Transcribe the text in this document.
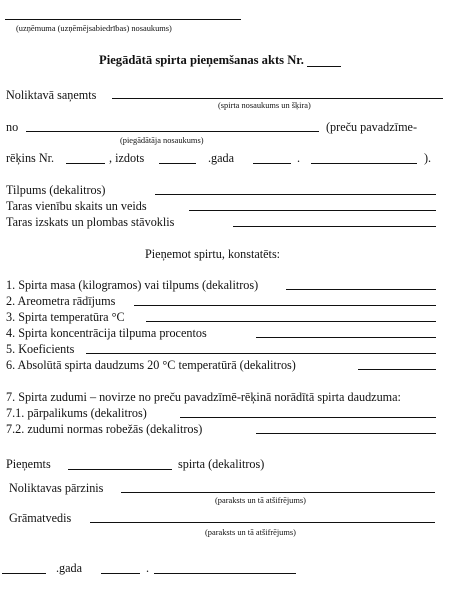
(uzņēmuma (uzņēmējsabiedrības) nosaukums)
Piegādātā spirta pieņemšanas akts Nr.
Noliktavā saņemts
(spirta nosaukums un šķira)
no	(preču pavadzīme-
(piegādātāja nosaukums)
rēķins Nr.	, izdots	.gada	.	).
Tilpums (dekalitros)
Taras vienību skaits un veids
Taras izskats un plombas stāvoklis
Pieņemot spirtu, konstatēts:
1. Spirta masa (kilogramos) vai tilpums (dekalitros)
2. Areometra rādījums
3. Spirta temperatūra °C
4. Spirta koncentrācija tilpuma procentos
5. Koeficients
6. Absolūtā spirta daudzums 20 °C temperatūrā (dekalitros)
7. Spirta zudumi – novirze no preču pavadzīmē-rēķinā norādītā spirta daudzuma:
7.1. pārpalikums (dekalitros)
7.2. zudumi normas robežās (dekalitros)
Pieņemts	spirta (dekalitros)
Noliktavas pārzinis
(paraksts un tā atšifrējums)
Grāmatvedis
(paraksts un tā atšifrējums)
.gada	.
